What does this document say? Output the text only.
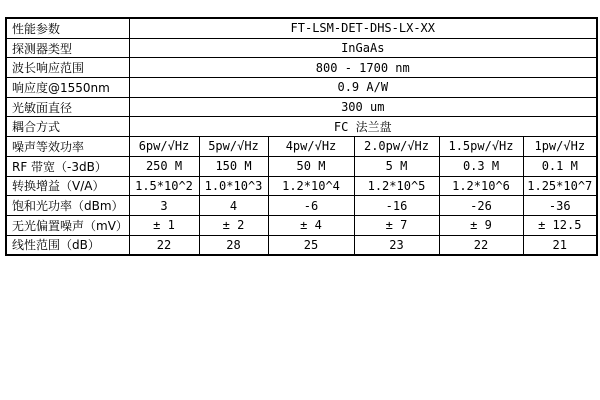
性能参数	FT-LSM-DET-DHS-LX-XX					
探测器类型	InGaAs					
波长响应范围	800 - 1700 nm					
响应度@1550nm	0.9 A/W					
光敏面直径	300 um					
耦合方式	FC 法兰盘					
噪声等效功率	6pw/√Hz	5pw/√Hz	4pw/√Hz	2.0pw/√Hz	1.5pw/√Hz	1pw/√Hz
RF 带宽（-3dB）	250 M	150 M	50 M	5 M	0.3 M	0.1 M
转换增益（V/A）	1.5*10^2	1.0*10^3	1.2*10^4	1.2*10^5	1.2*10^6	1.25*10^7
饱和光功率（dBm）	3	4	-6	-16	-26	-36
无光偏置噪声（mV）	± 1	± 2	± 4	± 7	± 9	± 12.5
线性范围（dB）	22	28	25	23	22	21
